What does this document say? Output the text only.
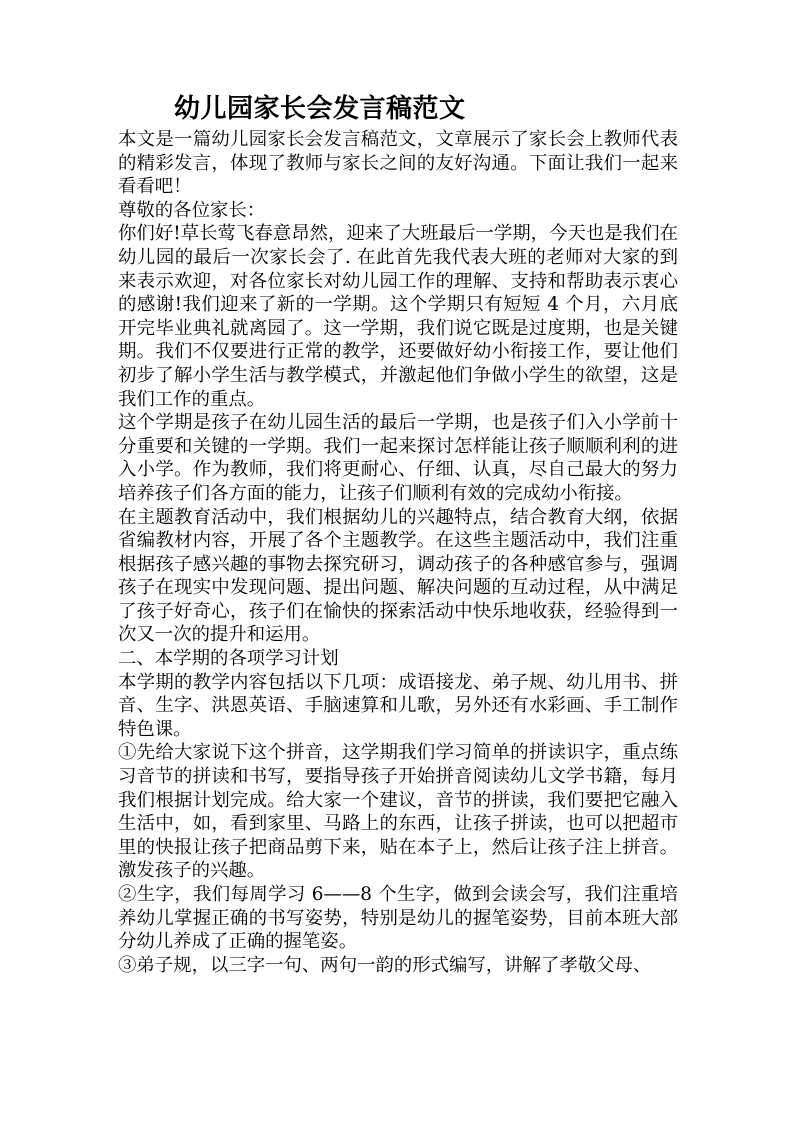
幼儿园家长会发言稿范文

本文是一篇幼儿园家长会发言稿范文，文章展示了家长会上教师代表的精彩发言，体现了教师与家长之间的友好沟通。下面让我们一起来看看吧！

尊敬的各位家长：

你们好!草长莺飞春意昂然，迎来了大班最后一学期，今天也是我们在幼儿园的最后一次家长会了. 在此首先我代表大班的老师对大家的到来表示欢迎，对各位家长对幼儿园工作的理解、支持和帮助表示衷心的感谢!我们迎来了新的一学期。这个学期只有短短 4 个月，六月底开完毕业典礼就离园了。这一学期，我们说它既是过度期，也是关键期。我们不仅要进行正常的教学，还要做好幼小衔接工作，要让他们初步了解小学生活与教学模式，并激起他们争做小学生的欲望，这是我们工作的重点。

这个学期是孩子在幼儿园生活的最后一学期，也是孩子们入小学前十分重要和关键的一学期。我们一起来探讨怎样能让孩子顺顺利利的进入小学。作为教师，我们将更耐心、仔细、认真，尽自己最大的努力培养孩子们各方面的能力，让孩子们顺利有效的完成幼小衔接。

在主题教育活动中，我们根据幼儿的兴趣特点，结合教育大纲，依据省编教材内容，开展了各个主题教学。在这些主题活动中，我们注重根据孩子感兴趣的事物去探究研习，调动孩子的各种感官参与，强调孩子在现实中发现问题、提出问题、解决问题的互动过程，从中满足了孩子好奇心，孩子们在愉快的探索活动中快乐地收获，经验得到一次又一次的提升和运用。

二、本学期的各项学习计划

本学期的教学内容包括以下几项：成语接龙、弟子规、幼儿用书、拼音、生字、洪恩英语、手脑速算和儿歌，另外还有水彩画、手工制作特色课。

①先给大家说下这个拼音，这学期我们学习简单的拼读识字，重点练习音节的拼读和书写，要指导孩子开始拼音阅读幼儿文学书籍，每月我们根据计划完成。给大家一个建议，音节的拼读，我们要把它融入生活中，如，看到家里、马路上的东西，让孩子拼读，也可以把超市里的快报让孩子把商品剪下来，贴在本子上，然后让孩子注上拼音。激发孩子的兴趣。

②生字，我们每周学习 6——8 个生字，做到会读会写，我们注重培养幼儿掌握正确的书写姿势，特别是幼儿的握笔姿势，目前本班大部分幼儿养成了正确的握笔姿。

③弟子规，以三字一句、两句一韵的形式编写，讲解了孝敬父母、
